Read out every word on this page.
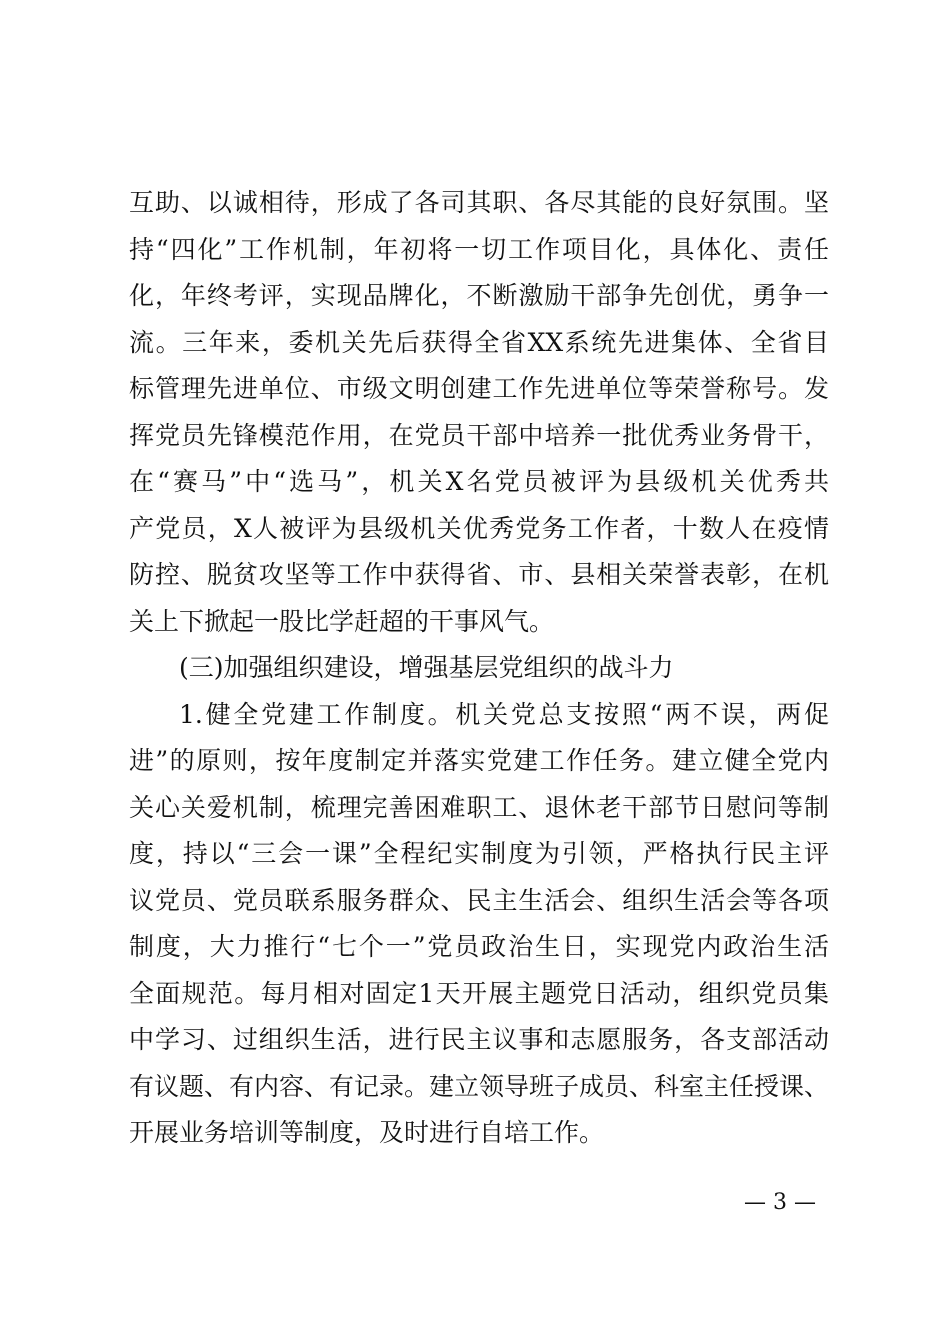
互助、以诚相待，形成了各司其职、各尽其能的良好氛围。坚
持“四化”工作机制，年初将一切工作项目化，具体化、责任
化，年终考评，实现品牌化，不断激励干部争先创优，勇争一
流。三年来，委机关先后获得全省XX系统先进集体、全省目
标管理先进单位、市级文明创建工作先进单位等荣誉称号。发
挥党员先锋模范作用，在党员干部中培养一批优秀业务骨干，
在“赛马”中“选马”，机关X名党员被评为县级机关优秀共
产党员，X人被评为县级机关优秀党务工作者，十数人在疫情
防控、脱贫攻坚等工作中获得省、市、县相关荣誉表彰，在机
关上下掀起一股比学赶超的干事风气。
(三)加强组织建设，增强基层党组织的战斗力
1.健全党建工作制度。机关党总支按照“两不误，两促
进”的原则，按年度制定并落实党建工作任务。建立健全党内
关心关爱机制，梳理完善困难职工、退休老干部节日慰问等制
度，持以“三会一课”全程纪实制度为引领，严格执行民主评
议党员、党员联系服务群众、民主生活会、组织生活会等各项
制度，大力推行“七个一”党员政治生日，实现党内政治生活
全面规范。每月相对固定1天开展主题党日活动，组织党员集
中学习、过组织生活，进行民主议事和志愿服务，各支部活动
有议题、有内容、有记录。建立领导班子成员、科室主任授课、
开展业务培训等制度，及时进行自培工作。
— 3 —
